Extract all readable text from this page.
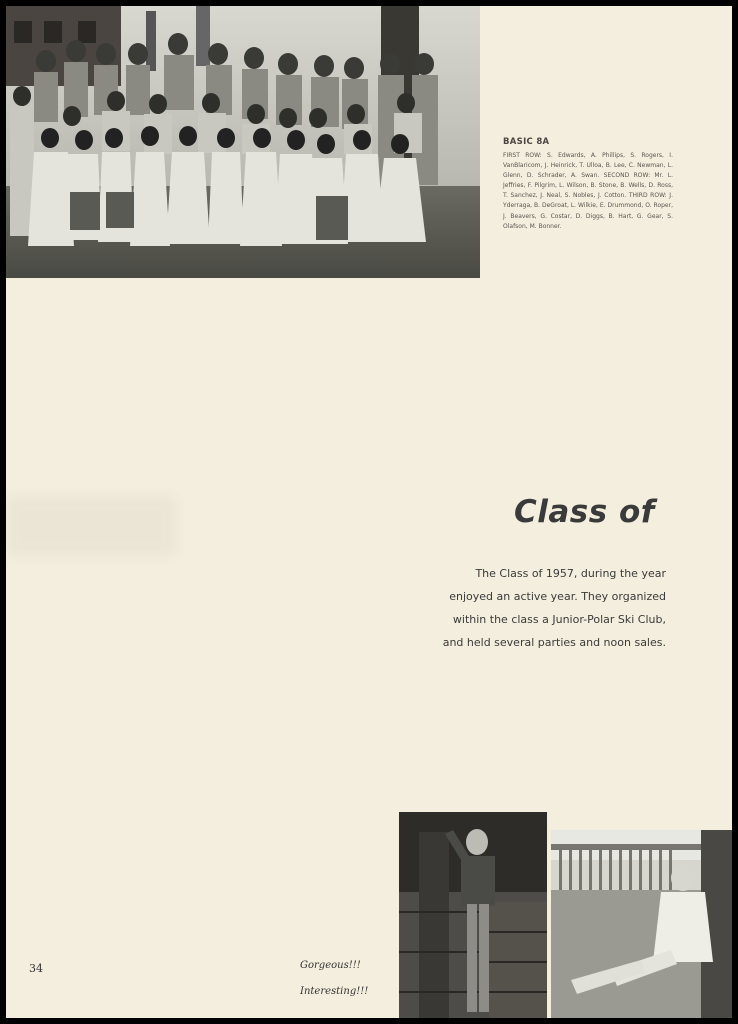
BASIC 8A
FIRST ROW: S. Edwards, A. Phillips, S. Rogers, I. VanBlaricom, J. Heinrick, T. Ulloa, B. Lee, C. Newman, L. Glenn, D. Schrader, A. Swan. SECOND ROW: Mr. L. Jeffries, F. Pilgrim, L. Wilson, B. Stone, B. Wells, D. Ross, T. Sanchez, J. Neal, S. Nobles, J. Cotton. THIRD ROW: J. Yderraga, B. DeGroat, L. Wilkie, E. Drummond, O. Roper, J. Beavers, G. Costar, D. Diggs, B. Hart, G. Gear, S. Olafson, M. Bonner.
Class of
The Class of 1957, during the year
enjoyed an active year. They organized
within the class a Junior-Polar Ski Club,
and held several parties and noon sales.
34	Gorgeous!!!
Interesting!!!
